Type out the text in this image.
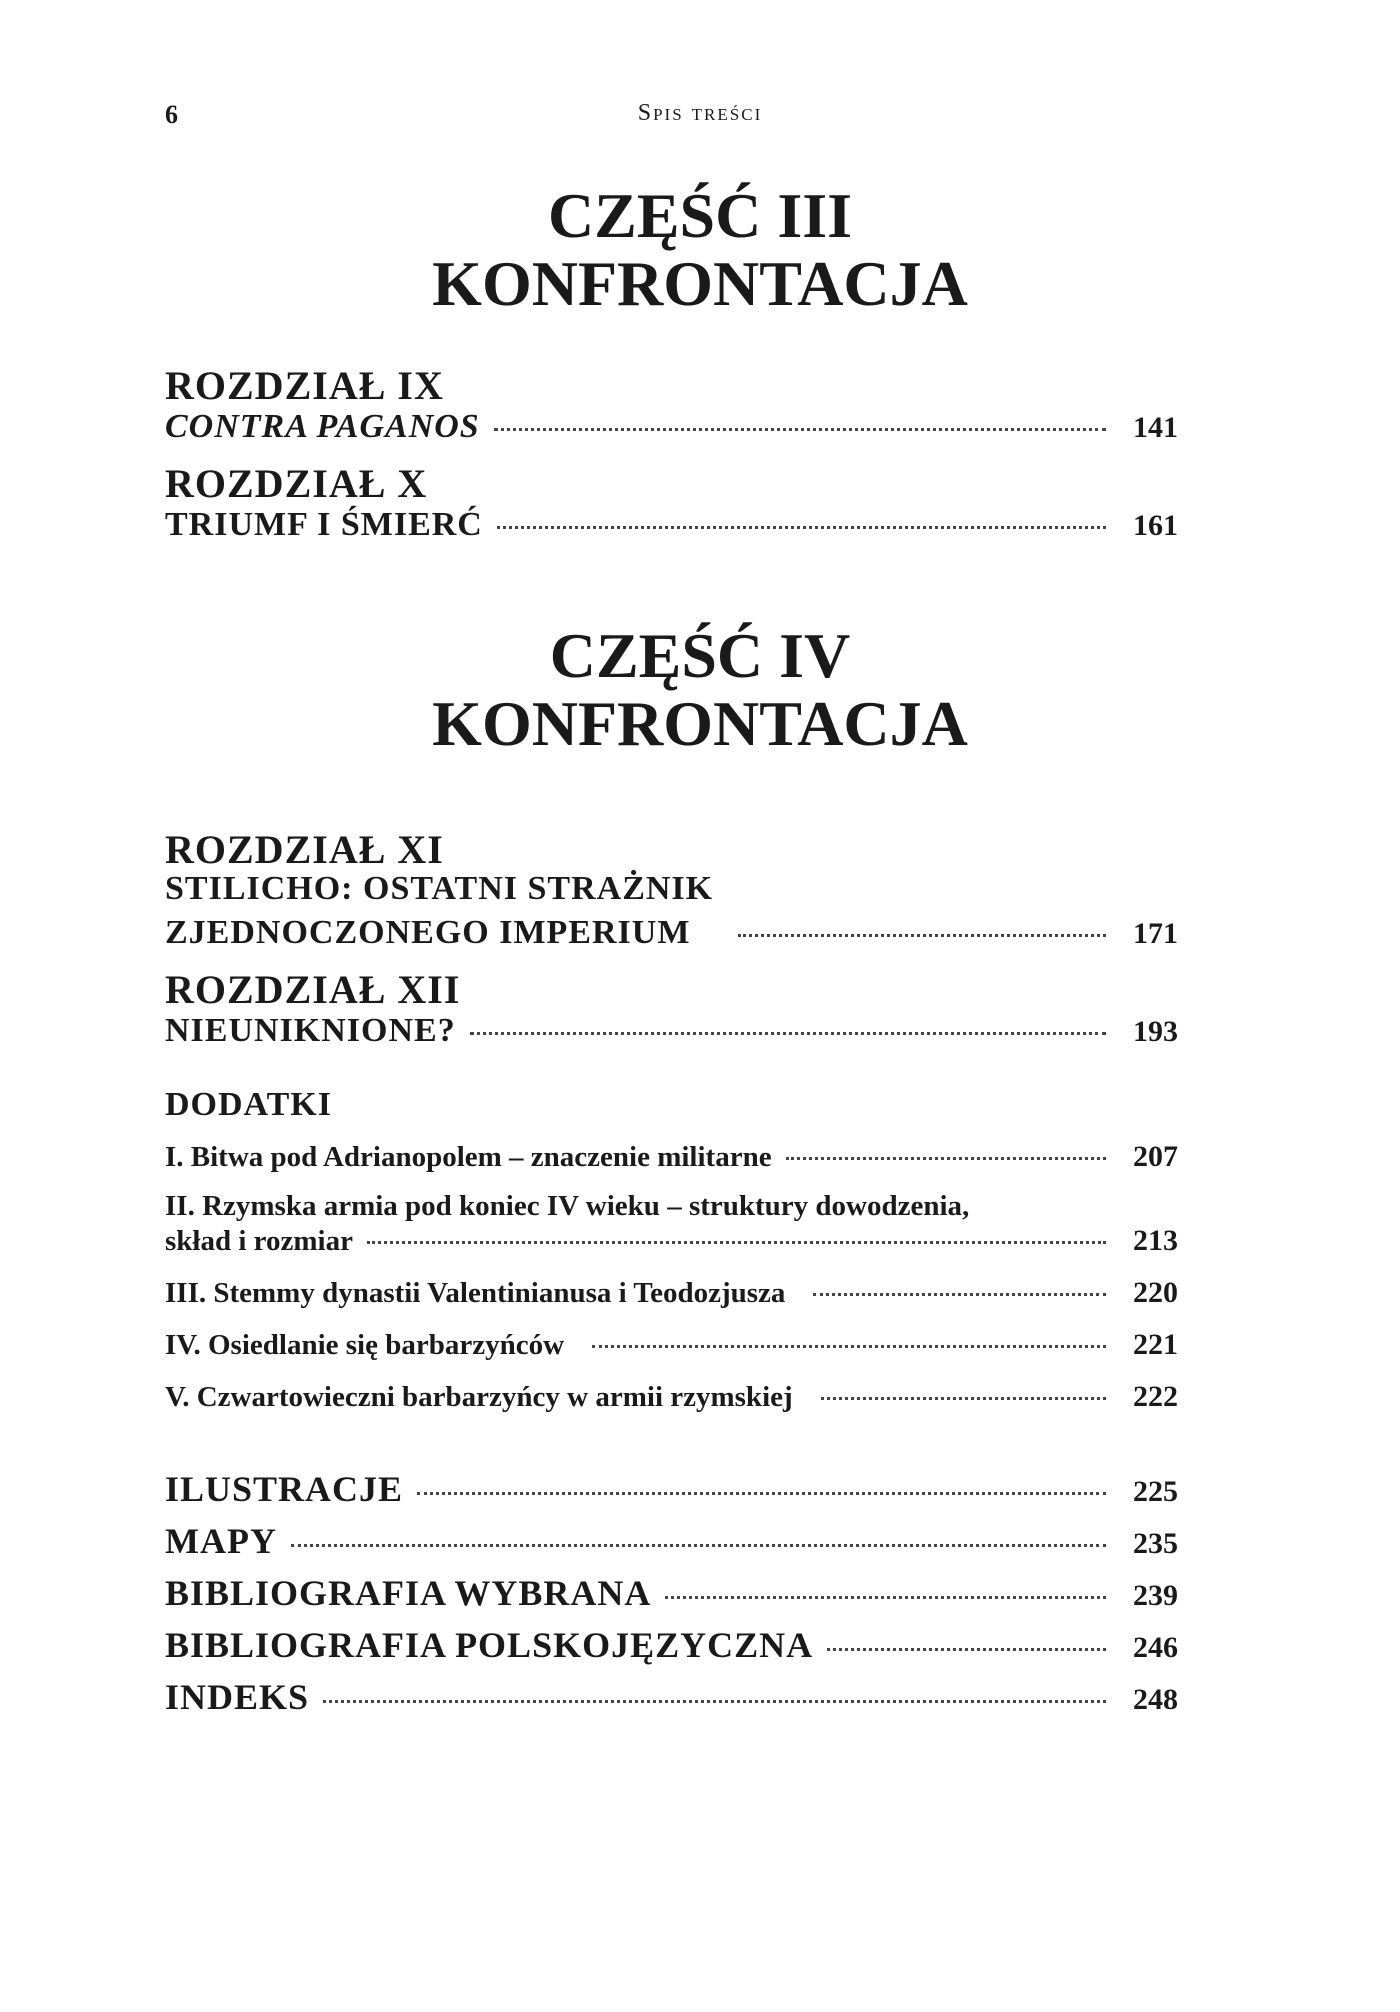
6	Spis treści
CZĘŚĆ III
KONFRONTACJA
ROZDZIAŁ IX
CONTRA PAGANOS	141
ROZDZIAŁ X
TRIUMF I ŚMIERĆ	161
CZĘŚĆ IV
KONFRONTACJA
ROZDZIAŁ XI
STILICHO: OSTATNI STRAŻNIK
ZJEDNOCZONEGO IMPERIUM	171
ROZDZIAŁ XII
NIEUNIKNIONE?	193
DODATKI
I. Bitwa pod Adrianopolem – znaczenie militarne	207
II. Rzymska armia pod koniec IV wieku – struktury dowodzenia,
skład i rozmiar	213
III. Stemmy dynastii Valentinianusa i Teodozjusza	220
IV. Osiedlanie się barbarzyńców	221
V. Czwartowieczni barbarzyńcy w armii rzymskiej	222
ILUSTRACJE	225
MAPY	235
BIBLIOGRAFIA WYBRANA	239
BIBLIOGRAFIA POLSKOJĘZYCZNA	246
INDEKS	248
